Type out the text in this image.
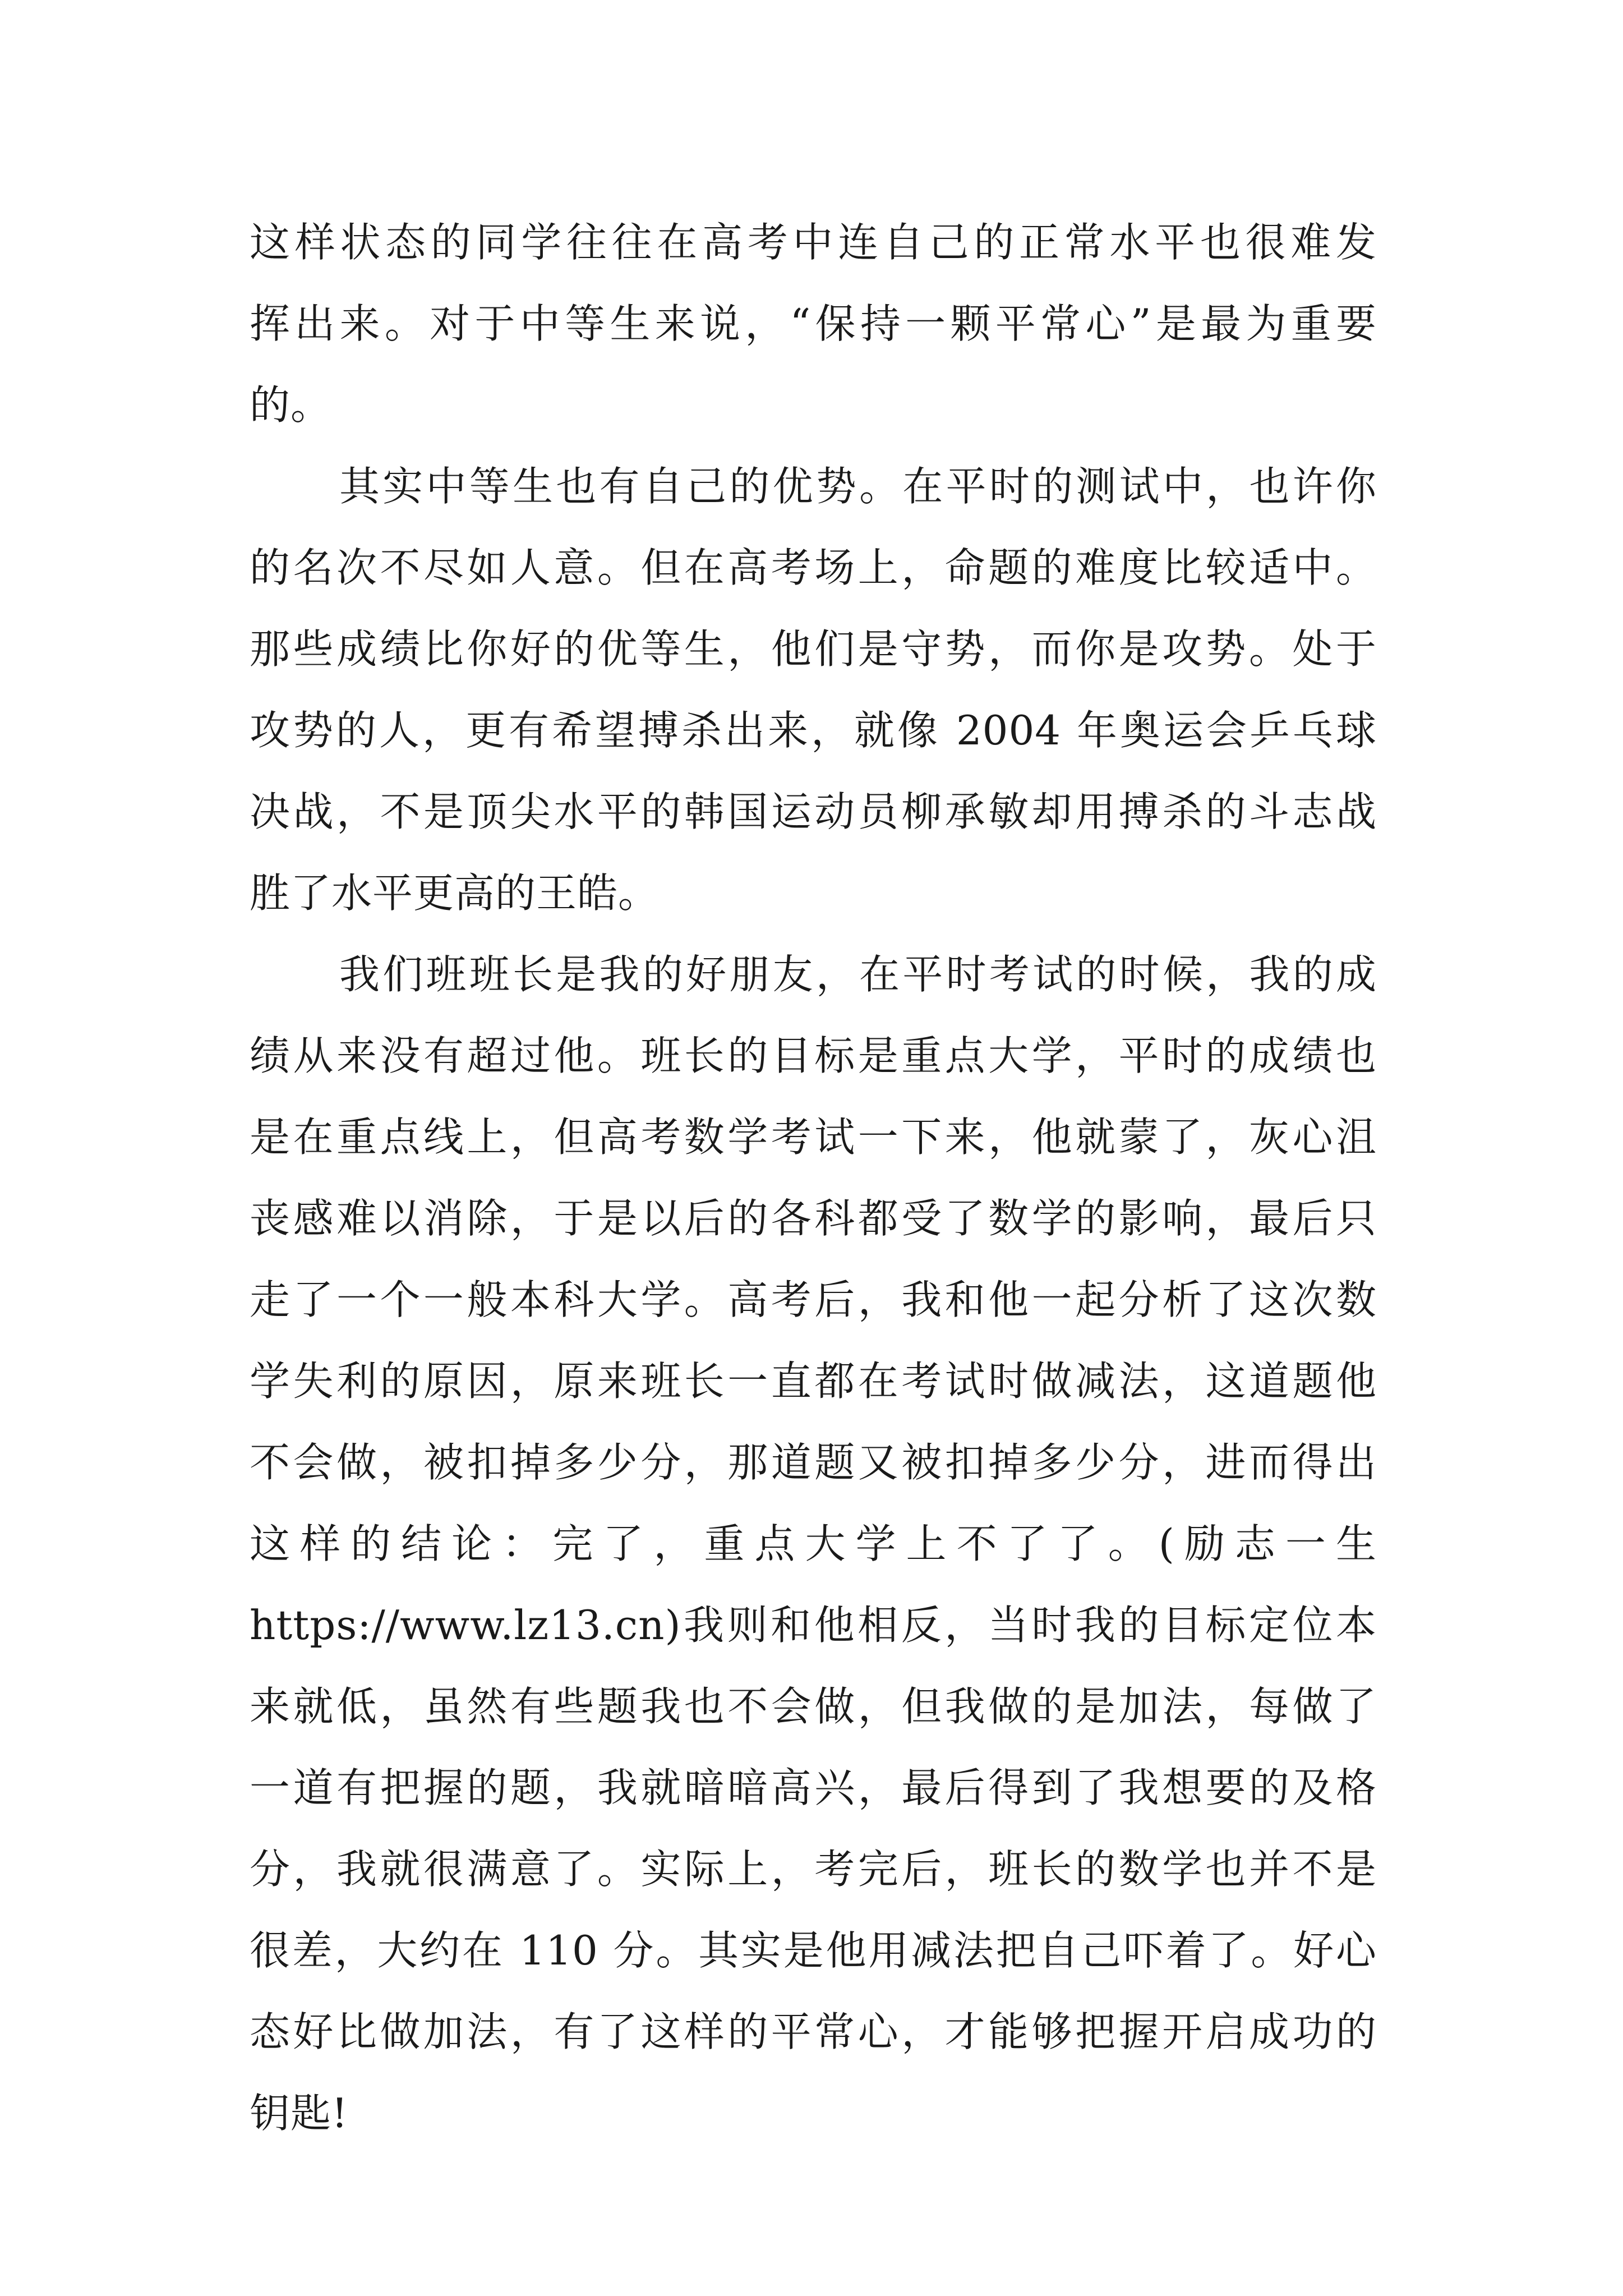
这样状态的同学往往在高考中连自己的正常水平也很难发
挥出来。对于中等生来说，“保持一颗平常心”是最为重要
的。
其实中等生也有自己的优势。在平时的测试中，也许你
的名次不尽如人意。但在高考场上，命题的难度比较适中。
那些成绩比你好的优等生，他们是守势，而你是攻势。处于
攻势的人，更有希望搏杀出来，就像 2004 年奥运会乒乓球
决战，不是顶尖水平的韩国运动员柳承敏却用搏杀的斗志战
胜了水平更高的王皓。
我们班班长是我的好朋友，在平时考试的时候，我的成
绩从来没有超过他。班长的目标是重点大学，平时的成绩也
是在重点线上，但高考数学考试一下来，他就蒙了，灰心沮
丧感难以消除，于是以后的各科都受了数学的影响，最后只
走了一个一般本科大学。高考后，我和他一起分析了这次数
学失利的原因，原来班长一直都在考试时做减法，这道题他
不会做，被扣掉多少分，那道题又被扣掉多少分，进而得出
这样的结论：完了，重点大学上不了了。(励志一生
https://www.lz13.cn)我则和他相反，当时我的目标定位本
来就低，虽然有些题我也不会做，但我做的是加法，每做了
一道有把握的题，我就暗暗高兴，最后得到了我想要的及格
分，我就很满意了。实际上，考完后，班长的数学也并不是
很差，大约在 110 分。其实是他用减法把自己吓着了。好心
态好比做加法，有了这样的平常心，才能够把握开启成功的
钥匙!
